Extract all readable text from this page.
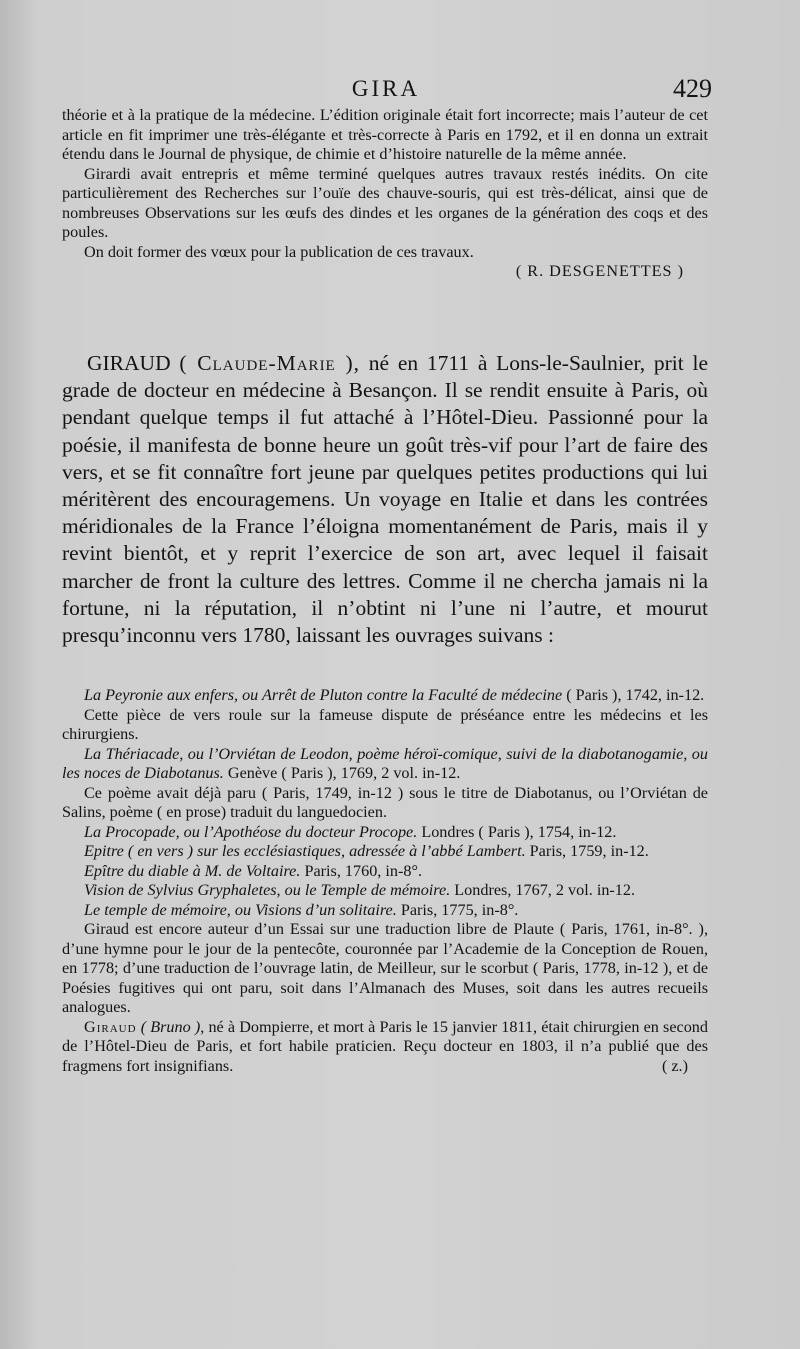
GIRA	429

théorie et à la pratique de la médecine. L’édition originale était fort incorrecte; mais l’auteur de cet article en fit imprimer une très-élégante et très-correcte à Paris en 1792, et il en donna un extrait étendu dans le Journal de physique, de chimie et d’histoire naturelle de la même année.

Girardi avait entrepris et même terminé quelques autres travaux restés inédits. On cite particulièrement des Recherches sur l’ouïe des chauve-souris, qui est très-délicat, ainsi que de nombreuses Observations sur les œufs des dindes et les organes de la génération des coqs et des poules.

On doit former des vœux pour la publication de ces travaux.

( R. DESGENETTES )

GIRAUD ( Claude-Marie ), né en 1711 à Lons-le-Saulnier, prit le grade de docteur en médecine à Besançon. Il se rendit ensuite à Paris, où pendant quelque temps il fut attaché à l’Hôtel-Dieu. Passionné pour la poésie, il manifesta de bonne heure un goût très-vif pour l’art de faire des vers, et se fit connaître fort jeune par quelques petites productions qui lui méritèrent des encouragemens. Un voyage en Italie et dans les contrées méridionales de la France l’éloigna momentanément de Paris, mais il y revint bientôt, et y reprit l’exercice de son art, avec lequel il faisait marcher de front la culture des lettres. Comme il ne chercha jamais ni la fortune, ni la réputation, il n’obtint ni l’une ni l’autre, et mourut presqu’inconnu vers 1780, laissant les ouvrages suivans :

La Peyronie aux enfers, ou Arrêt de Pluton contre la Faculté de médecine ( Paris ), 1742, in-12.

Cette pièce de vers roule sur la fameuse dispute de préséance entre les médecins et les chirurgiens.

La Thériacade, ou l’Orviétan de Leodon, poème héroï-comique, suivi de la diabotanogamie, ou les noces de Diabotanus. Genève ( Paris ), 1769, 2 vol. in-12.

Ce poème avait déjà paru ( Paris, 1749, in-12 ) sous le titre de Diabotanus, ou l’Orviétan de Salins, poème ( en prose) traduit du languedocien.

La Procopade, ou l’Apothéose du docteur Procope. Londres ( Paris ), 1754, in-12.

Epitre ( en vers ) sur les ecclésiastiques, adressée à l’abbé Lambert. Paris, 1759, in-12.

Epître du diable à M. de Voltaire. Paris, 1760, in-8°.

Vision de Sylvius Gryphaletes, ou le Temple de mémoire. Londres, 1767, 2 vol. in-12.

Le temple de mémoire, ou Visions d’un solitaire. Paris, 1775, in-8°.

Giraud est encore auteur d’un Essai sur une traduction libre de Plaute ( Paris, 1761, in-8°. ), d’une hymne pour le jour de la pentecôte, couronnée par l’Academie de la Conception de Rouen, en 1778; d’une traduction de l’ouvrage latin, de Meilleur, sur le scorbut ( Paris, 1778, in-12 ), et de Poésies fugitives qui ont paru, soit dans l’Almanach des Muses, soit dans les autres recueils analogues.

Giraud ( Bruno ), né à Dompierre, et mort à Paris le 15 janvier 1811, était chirurgien en second de l’Hôtel-Dieu de Paris, et fort habile praticien. Reçu docteur en 1803, il n’a publié que des fragmens fort insignifians.	( z.)
